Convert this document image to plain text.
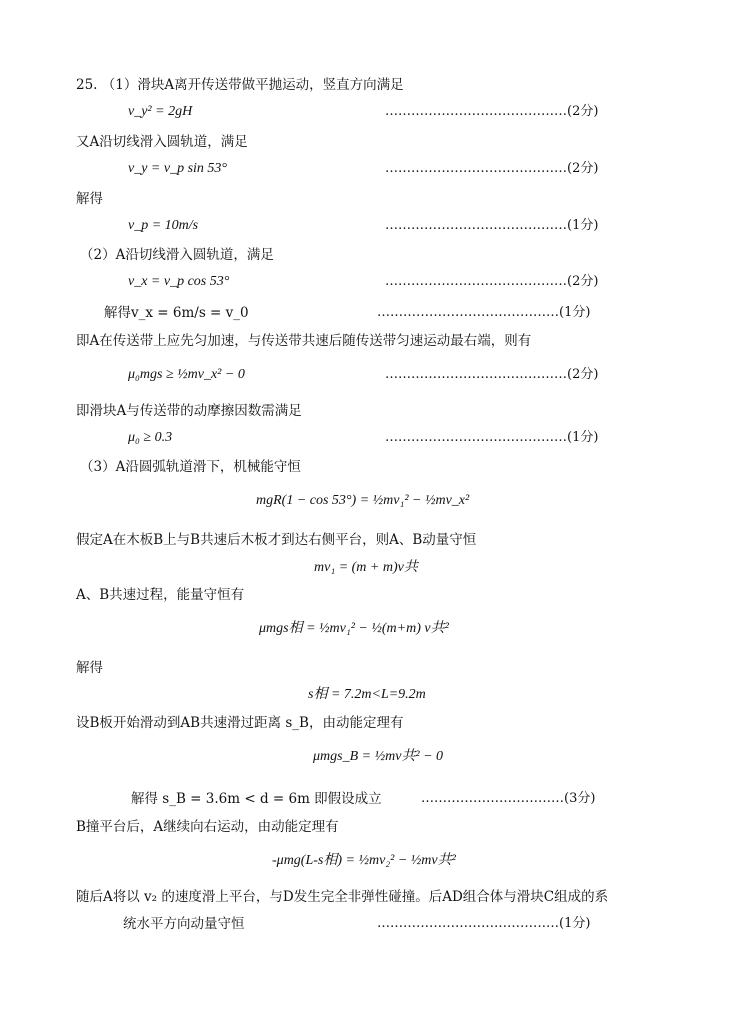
25. （1）滑块A离开传送带做平抛运动，竖直方向满足
v_y² = 2gH	……………………………………(2分)
又A沿切线滑入圆轨道，满足
v_y = v_p sin 53°	……………………………………(2分)
解得
v_p = 10m/s	……………………………………(1分)
（2）A沿切线滑入圆轨道，满足
v_x = v_p cos 53°	……………………………………(2分)
解得v_x = 6m/s = v_0	……………………………………(1分)
即A在传送带上应先匀加速，与传送带共速后随传送带匀速运动最右端，则有
μ₀mgs ≥ ½mv_x² − 0	……………………………………(2分)
即滑块A与传送带的动摩擦因数需满足
μ₀ ≥ 0.3	……………………………………(1分)
（3）A沿圆弧轨道滑下，机械能守恒
mgR(1 − cos 53°) = ½mv₁² − ½mv_x²
假定A在木板B上与B共速后木板才到达右侧平台，则A、B动量守恒
mv₁ = (m + m)v共
A、B共速过程，能量守恒有
μmgs相 = ½mv₁² − ½(m+m) v共²
解得
s相 = 7.2m<L=9.2m
设B板开始滑动到AB共速滑过距离 s_B，由动能定理有
μmgs_B = ½mv共² − 0
解得 s_B = 3.6m < d = 6m 即假设成立	……………………………(3分)
B撞平台后，A继续向右运动，由动能定理有
-μmg(L-s相) = ½mv₂² − ½mv共²
随后A将以 v₂ 的速度滑上平台，与D发生完全非弹性碰撞。后AD组合体与滑块C组成的系
统水平方向动量守恒	……………………………………(1分)
